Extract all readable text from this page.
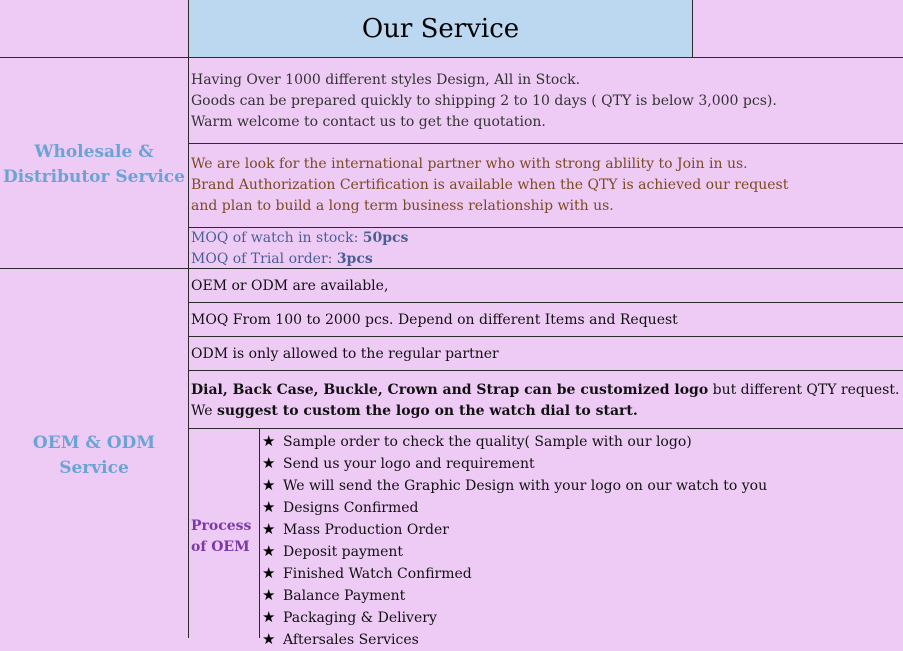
Our Service
Wholesale &
Distributor Service
Having Over 1000 different styles Design, All in Stock.
Goods can be prepared quickly to shipping 2 to 10 days ( QTY is below 3,000 pcs).
Warm welcome to contact us to get the quotation.
We are look for the international partner who with strong ablility to Join in us.
Brand Authorization Certification is available when the QTY is achieved our request
and plan to build a long term business relationship with us.
MOQ of watch in stock: 50pcs
MOQ of Trial order: 3pcs
OEM & ODM
Service
OEM or ODM are available,
MOQ From 100 to 2000 pcs. Depend on different Items and Request
ODM is only allowed to the regular partner
Dial, Back Case, Buckle, Crown and Strap can be customized logo but different QTY request.
We suggest to custom the logo on the watch dial to start.
Process
of OEM
★ Sample order to check the quality( Sample with our logo)
★ Send us your logo and requirement
★ We will send the Graphic Design with your logo on our watch to you
★ Designs Confirmed
★ Mass Production Order
★ Deposit payment
★ Finished Watch Confirmed
★ Balance Payment
★ Packaging & Delivery
★ Aftersales Services
